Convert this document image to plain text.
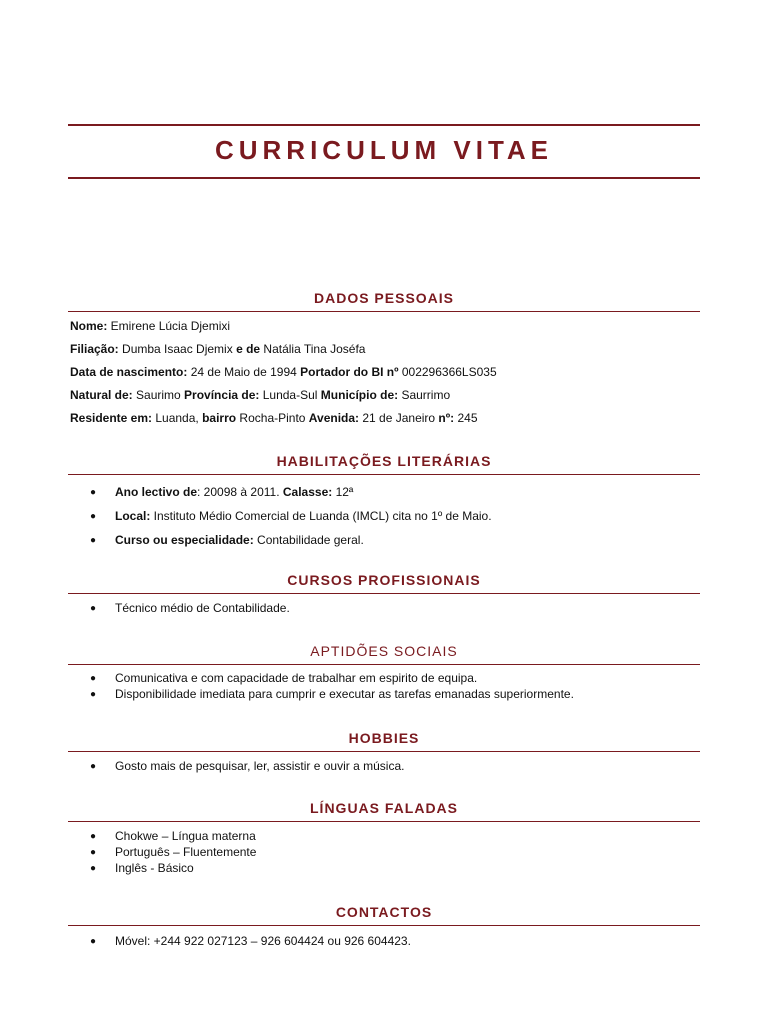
CURRICULUM VITAE
DADOS PESSOAIS
Nome: Emirene Lúcia Djemixi
Filiação: Dumba Isaac Djemix e de Natália Tina Joséfa
Data de nascimento: 24 de Maio de 1994 Portador do BI nº 002296366LS035
Natural de: Saurimo Província de: Lunda-Sul Município de: Saurrimo
Residente em: Luanda, bairro Rocha-Pinto Avenida: 21 de Janeiro nº: 245
HABILITAÇÕES LITERÁRIAS
● Ano lectivo de: 20098 à 2011. Calasse: 12ª
● Local: Instituto Médio Comercial de Luanda (IMCL) cita no 1º de Maio.
● Curso ou especialidade: Contabilidade geral.
CURSOS PROFISSIONAIS
● Técnico médio de Contabilidade.
APTIDÕES SOCIAIS
● Comunicativa e com capacidade de trabalhar em espirito de equipa.
● Disponibilidade imediata para cumprir e executar as tarefas emanadas superiormente.
HOBBIES
● Gosto mais de pesquisar, ler, assistir e ouvir a música.
LÍNGUAS FALADAS
● Chokwe – Língua materna
● Português – Fluentemente
● Inglês - Básico
CONTACTOS
● Móvel: +244 922 027123 – 926 604424 ou 926 604423.
